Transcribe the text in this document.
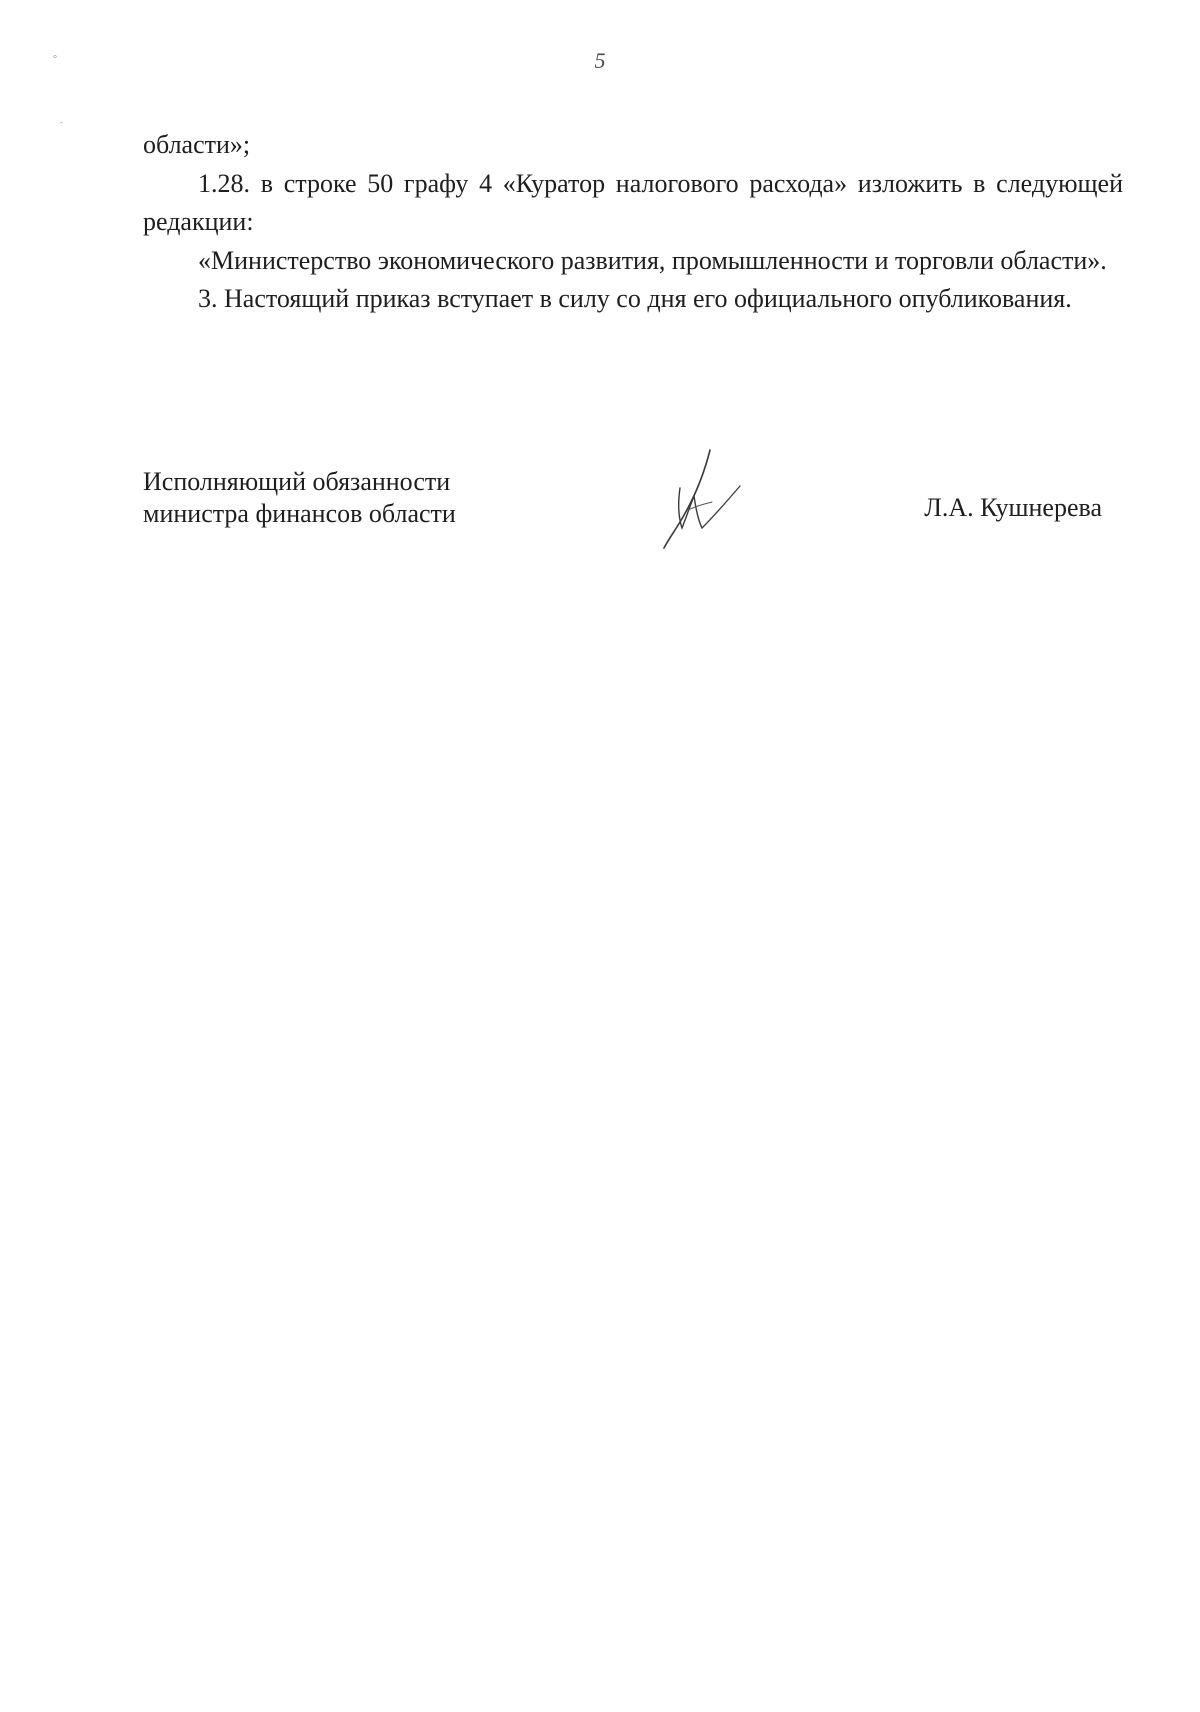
°
-
5

области»;

1.28. в строке 50 графу 4 «Куратор налогового расхода» изложить в следующей редакции:

«Министерство экономического развития, промышленности и торговли области».

3. Настоящий приказ вступает в силу со дня его официального опубликования.

Исполняющий обязанности
министра финансов области	Л.А. Кушнерева
